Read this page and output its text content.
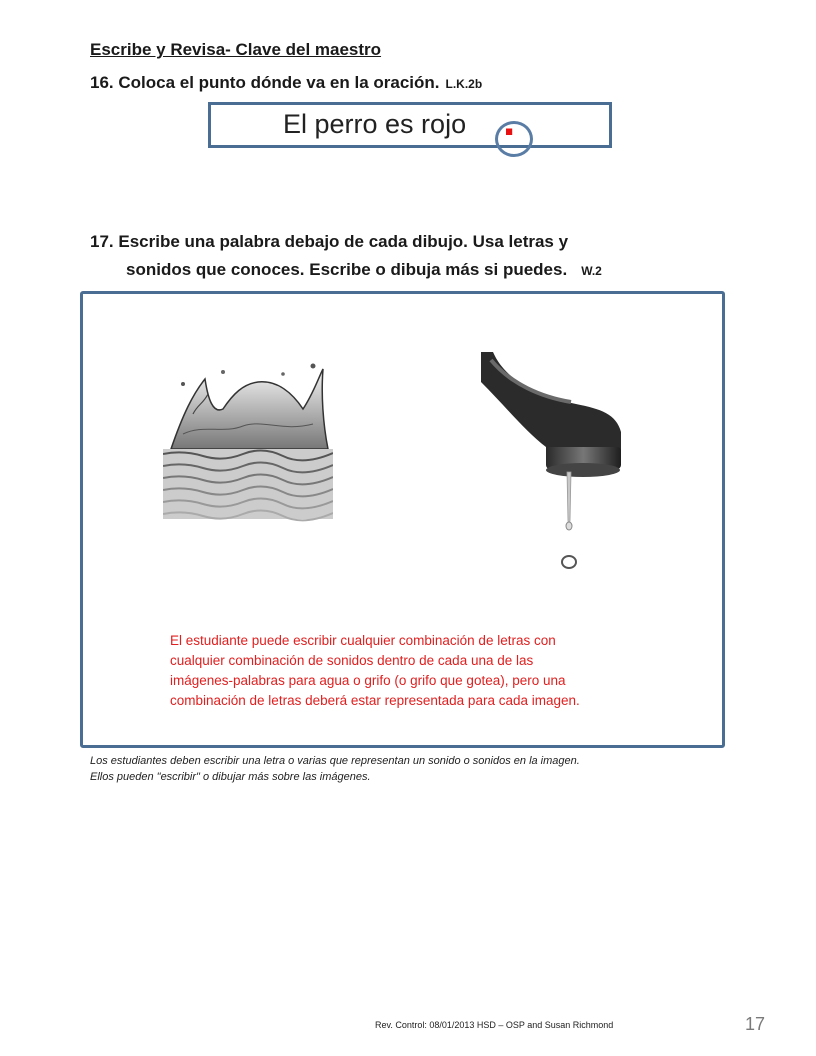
Escribe y Revisa- Clave del maestro
16. Coloca el punto dónde va en la oración. L.K.2b
El perro es rojo .
17. Escribe una palabra debajo de cada dibujo. Usa letras y
sonidos que conoces. Escribe o dibuja más si puedes. W.2
El estudiante puede escribir cualquier combinación de letras con
cualquier combinación de sonidos dentro de cada una de las
imágenes-palabras para agua o grifo (o grifo que gotea), pero una
combinación de letras deberá estar representada para cada imagen.
Los estudiantes deben escribir una letra o varias que representan un sonido o sonidos en la imagen.
Ellos pueden "escribir" o dibujar más sobre las imágenes.
Rev. Control: 08/01/2013 HSD – OSP and Susan Richmond	17
